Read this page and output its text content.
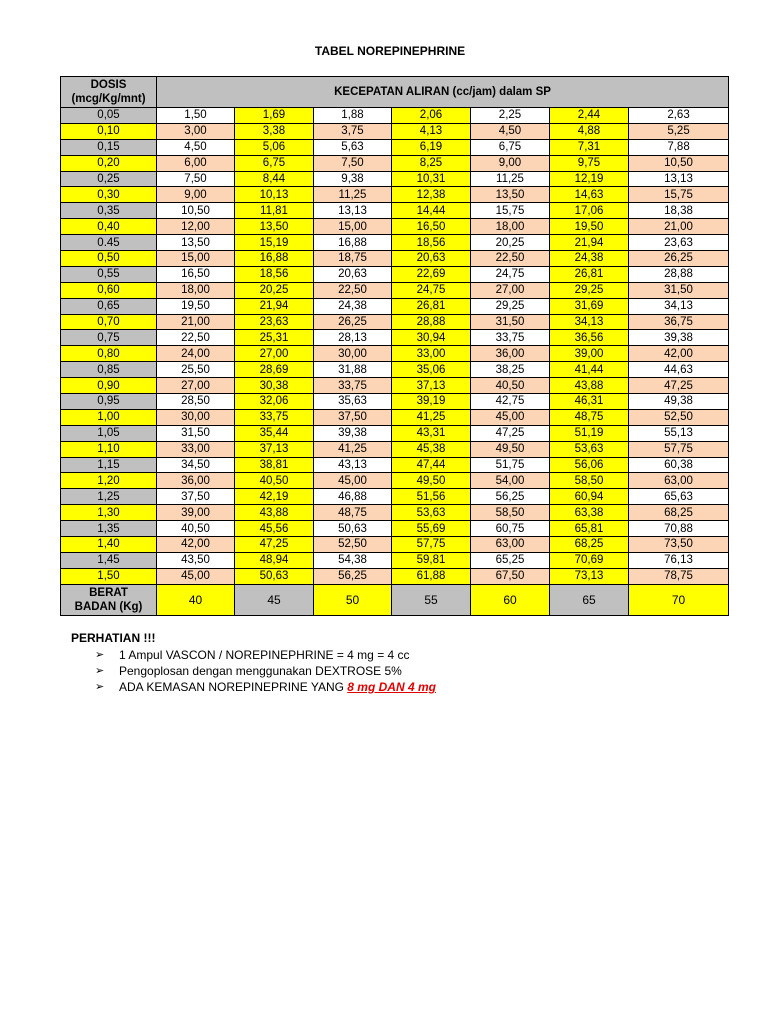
TABEL NOREPINEPHRINE
DOSIS
(mcg/Kg/mnt)	KECEPATAN ALIRAN (cc/jam) dalam SP						
0,05	1,50	1,69	1,88	2,06	2,25	2,44	2,63
0,10	3,00	3,38	3,75	4,13	4,50	4,88	5,25
0,15	4,50	5,06	5,63	6,19	6,75	7,31	7,88
0,20	6,00	6,75	7,50	8,25	9,00	9,75	10,50
0,25	7,50	8,44	9,38	10,31	11,25	12,19	13,13
0,30	9,00	10,13	11,25	12,38	13,50	14,63	15,75
0,35	10,50	11,81	13,13	14,44	15,75	17,06	18,38
0,40	12,00	13,50	15,00	16,50	18,00	19,50	21,00
0.45	13,50	15,19	16,88	18,56	20,25	21,94	23,63
0,50	15,00	16,88	18,75	20,63	22,50	24,38	26,25
0,55	16,50	18,56	20,63	22,69	24,75	26,81	28,88
0,60	18,00	20,25	22,50	24,75	27,00	29,25	31,50
0,65	19,50	21,94	24,38	26,81	29,25	31,69	34,13
0,70	21,00	23,63	26,25	28,88	31,50	34,13	36,75
0,75	22,50	25,31	28,13	30,94	33,75	36,56	39,38
0,80	24,00	27,00	30,00	33,00	36,00	39,00	42,00
0,85	25,50	28,69	31,88	35,06	38,25	41,44	44,63
0,90	27,00	30,38	33,75	37,13	40,50	43,88	47,25
0,95	28,50	32,06	35,63	39,19	42,75	46,31	49,38
1,00	30,00	33,75	37,50	41,25	45,00	48,75	52,50
1,05	31,50	35,44	39,38	43,31	47,25	51,19	55,13
1,10	33,00	37,13	41,25	45,38	49,50	53,63	57,75
1,15	34,50	38,81	43,13	47,44	51,75	56,06	60,38
1,20	36,00	40,50	45,00	49,50	54,00	58,50	63,00
1,25	37,50	42,19	46,88	51,56	56,25	60,94	65,63
1,30	39,00	43,88	48,75	53,63	58,50	63,38	68,25
1,35	40,50	45,56	50,63	55,69	60,75	65,81	70,88
1,40	42,00	47,25	52,50	57,75	63,00	68,25	73,50
1,45	43,50	48,94	54,38	59,81	65,25	70,69	76,13
1,50	45,00	50,63	56,25	61,88	67,50	73,13	78,75

BERAT
BADAN (Kg)	40	45	50	55	60	65	70
PERHATIAN !!!
➢ 1 Ampul VASCON / NOREPINEPHRINE = 4 mg = 4 cc
➢ Pengoplosan dengan menggunakan DEXTROSE 5%
➢ ADA KEMASAN NOREPINEPRINE YANG 8 mg DAN 4 mg
